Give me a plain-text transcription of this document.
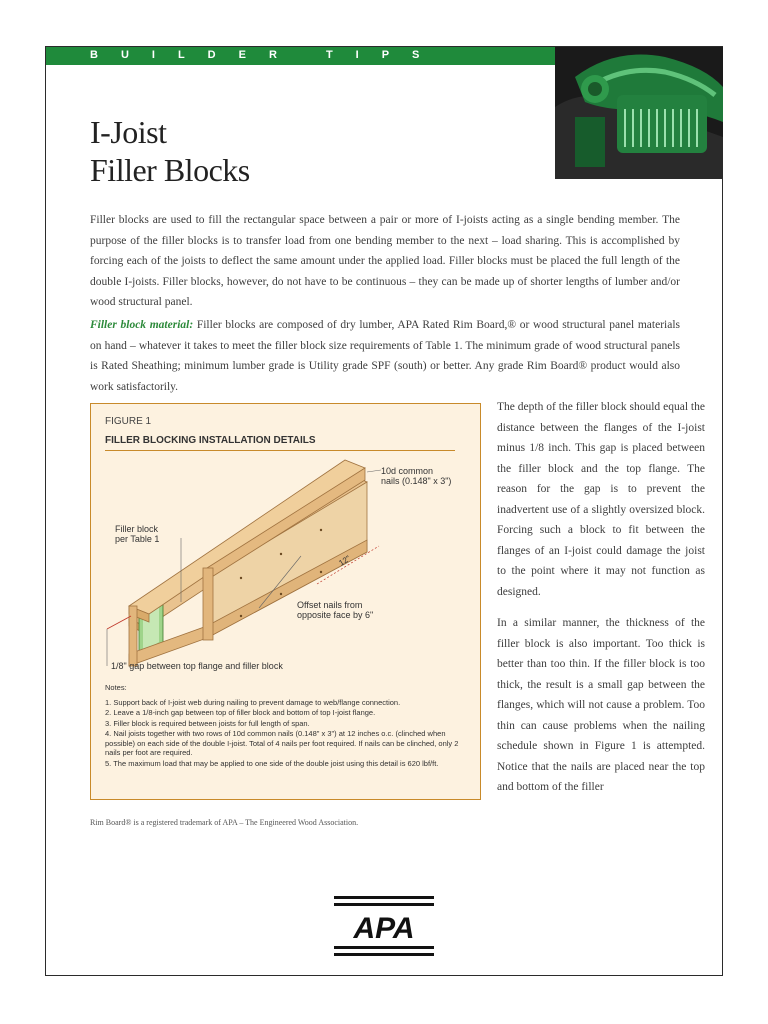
BUILDER TIPS
I-Joist
Filler Blocks
Filler blocks are used to fill the rectangular space between a pair or more of I-joists acting as a single bending member. The purpose of the filler blocks is to transfer load from one bending member to the next – load sharing. This is accomplished by forcing each of the joists to deflect the same amount under the applied load. Filler blocks must be placed the full length of the double I-joists. Filler blocks, however, do not have to be continuous – they can be made up of shorter lengths of lumber and/or wood structural panel.
Filler block material: Filler blocks are composed of dry lumber, APA Rated Rim Board,® or wood structural panel materials on hand – whatever it takes to meet the filler block size requirements of Table 1. The minimum grade of wood structural panels is Rated Sheathing; minimum lumber grade is Utility grade SPF (south) or better. Any grade Rim Board® product would also work satisfactorily.
FIGURE 1
FILLER BLOCKING INSTALLATION DETAILS
12"
10d common
nails (0.148" x 3")
Filler block
per Table 1
Offset nails from
opposite face by 6"
1/8" gap between top flange and filler block
Notes:
1. Support back of I-joist web during nailing to prevent damage to web/flange connection.
2. Leave a 1/8-inch gap between top of filler block and bottom of top I-joist flange.
3. Filler block is required between joists for full length of span.
4. Nail joists together with two rows of 10d common nails (0.148" x 3") at 12 inches o.c. (clinched when possible) on each side of the double I-joist. Total of 4 nails per foot required. If nails can be clinched, only 2 nails per foot are required.
5. The maximum load that may be applied to one side of the double joist using this detail is 620 lbf/ft.

The depth of the filler block should equal the distance between the flanges of the I-joist minus 1/8 inch. This gap is placed between the filler block and the top flange. The reason for the gap is to prevent the inadvertent use of a slightly oversized block. Forcing such a block to fit between the flanges of an I-joist could damage the joist to the point where it may not function as designed.

In a similar manner, the thickness of the filler block is also important. Too thick is better than too thin. If the filler block is too thick, the result is a small gap between the flanges, which will not cause a problem. Too thin can cause problems when the nailing schedule shown in Figure 1 is attempted. Notice that the nails are placed near the top and bottom of the filler

Rim Board® is a registered trademark of APA – The Engineered Wood Association.
APA
